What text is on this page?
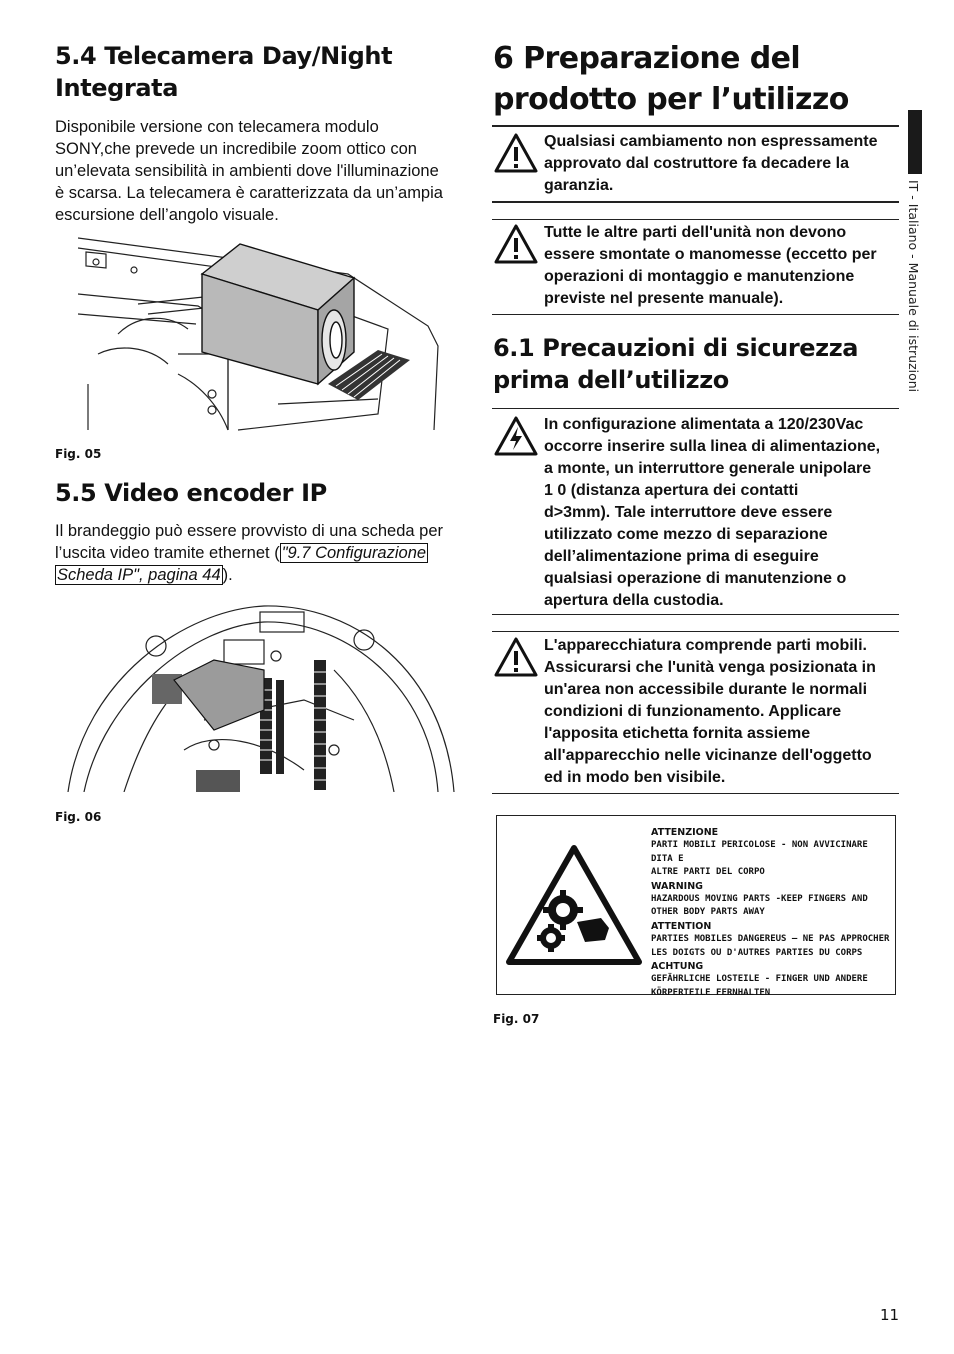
5.4 Telecamera Day/Night
Integrata
Disponibile versione con telecamera modulo
SONY,che prevede un incredibile zoom ottico con
un’elevata sensibilità in ambienti dove l'illuminazione
è scarsa. La telecamera è caratterizzata da un’ampia
escursione dell’angolo visuale.
Fig. 05
5.5 Video encoder IP
Il brandeggio può essere provvisto di una scheda per
l’uscita video tramite ethernet ( "9.7 Configurazione
Scheda IP", pagina 44 ).
Fig. 06
6 Preparazione del
prodotto per l’utilizzo
Qualsiasi cambiamento non espressamente
approvato dal costruttore fa decadere la
garanzia.
Tutte le altre parti dell'unità non devono
essere smontate o manomesse (eccetto per
operazioni di montaggio e manutenzione
previste nel presente manuale).
6.1 Precauzioni di sicurezza
prima dell’utilizzo
In configurazione alimentata a 120/230Vac
occorre inserire sulla linea di alimentazione,
a monte, un interruttore generale unipolare
1 0 (distanza apertura dei contatti
d>3mm). Tale interruttore deve essere
utilizzato come mezzo di separazione
dell’alimentazione prima di eseguire
qualsiasi operazione di manutenzione o
apertura della custodia.
L'apparecchiatura comprende parti mobili.
Assicurarsi che l'unità venga posizionata in
un'area non accessibile durante le normali
condizioni di funzionamento. Applicare
l'apposita etichetta fornita assieme
all'apparecchio nelle vicinanze dell'oggetto
ed in modo ben visibile.
ATTENZIONE
PARTI MOBILI PERICOLOSE - NON AVVICINARE DITA E
ALTRE PARTI DEL CORPO
WARNING
HAZARDOUS MOVING PARTS -KEEP FINGERS AND
OTHER BODY PARTS AWAY
ATTENTION
PARTIES MOBILES DANGEREUS – NE PAS APPROCHER
LES DOIGTS OU D'AUTRES PARTIES DU CORPS
ACHTUNG
GEFÄHRLICHE LOSTEILE - FINGER UND ANDERE
KÖRPERTEILE FERNHALTEN
Fig. 07
IT - Italiano - Manuale di istruzioni
11
